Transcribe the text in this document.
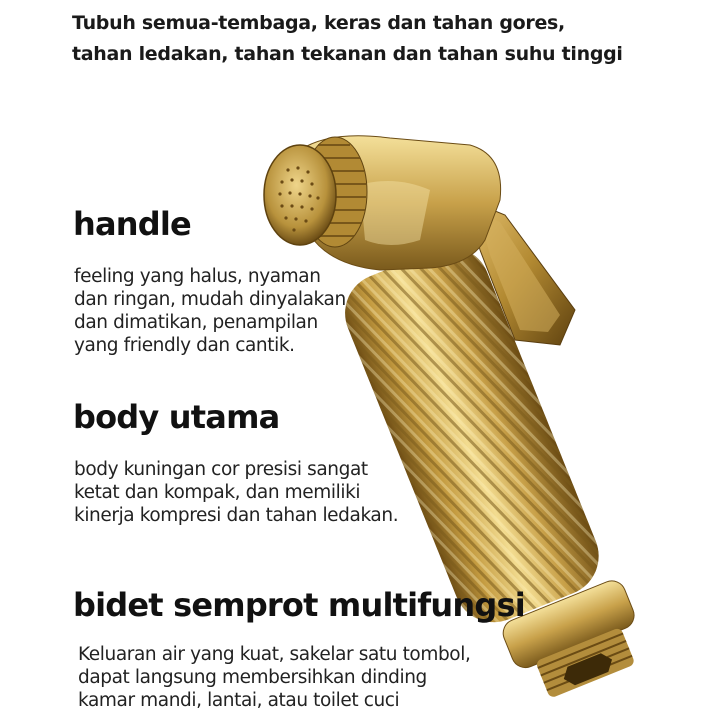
Tubuh semua-tembaga, keras dan tahan gores,
tahan ledakan, tahan tekanan dan tahan suhu tinggi
handle
feeling yang halus, nyaman
dan ringan, mudah dinyalakan
dan dimatikan, penampilan
yang friendly dan cantik.
body utama
body kuningan cor presisi sangat
ketat dan kompak, dan memiliki
kinerja kompresi dan tahan ledakan.
bidet semprot multifungsi
Keluaran air yang kuat, sakelar satu tombol,
dapat langsung membersihkan dinding
kamar mandi, lantai, atau toilet cuci
